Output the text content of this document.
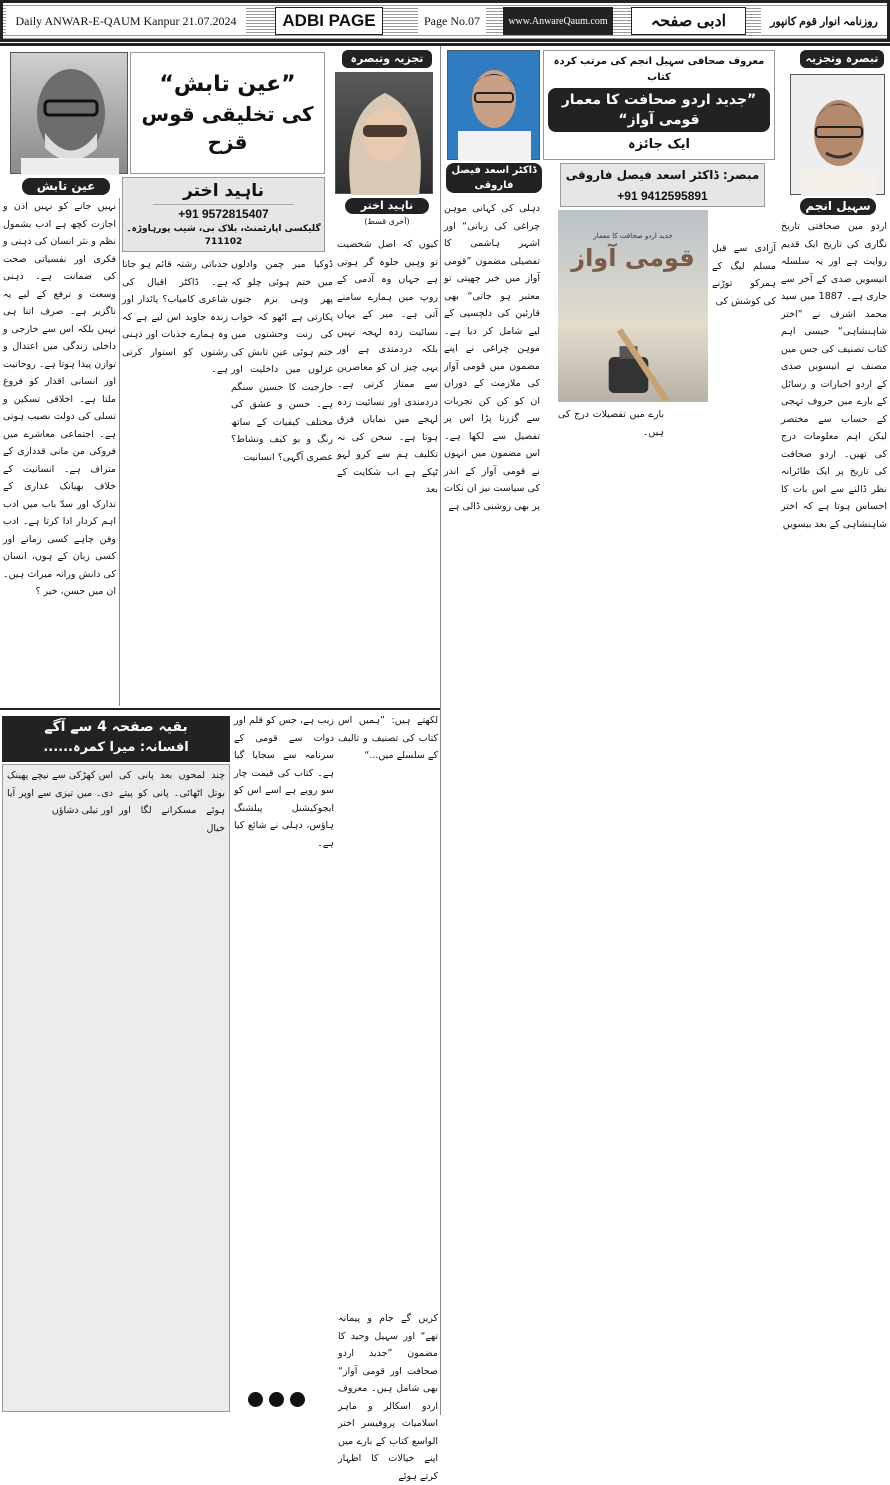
Daily ANWAR-E-QAUM Kanpur 21.07.2024	ADBI PAGE	Page No.07	www.AnwareQaum.com	ادبی صفحہ	روزنامہ انوار قوم کانپور
”عین تابش“
کی تخلیقی قوس قزح
تجزیہ وتبصرہ
عین تابش	ناہید اختر
+91 9572815407
گلیکسی اپارٹمنٹ، بلاک بی، شیب پورہاوڑہ۔ 711102
ناہید اختر
(آخری قسط)
نہیں جانے کو نہیں اذن و اجازت کچھ ہے ادب بشمول نظم و نثر انسان کی ذہنی و فکری اور نفسیاتی صحت کی ضمانت ہے۔ ذہنی وسعت و ترفع کے لیے یہ ناگزیر ہے۔ صرف اتنا ہی نہیں بلکہ اس سے خارجی و داخلی زندگی میں اعتدال و توازن پیدا ہوتا ہے۔ روحانیت اور انسانی اقدار کو فروغ ملتا ہے۔ اخلاقی تسکین و تسلی کی دولت نصیب ہوتی ہے۔ اجتماعی معاشرے میں فروکی من مانی قدداری کے متراف ہے۔ انسانیت کے خلاف بھیانک غداری کے تدارک اور سدّ باب میں ادب اہم کردار ادا کرتا ہے۔ ادب وفن چاہے کسی زمانے اور کسی زبان کے ہوں، انسان کی دانش ورانہ میراث ہیں۔ ان میں حسن، خیر ؟
جذباتی رشتہ قائم ہو جاتا ہے۔ ڈاکٹر اقبال کی شاعری کامیاب؟ پائدار اور زندہ جاوید اس لیے ہے کہ وہ ہمارے جذبات اور ذہنی رشتوں کو استوار کرتی ہے۔
ڈوکیا میر چمن وادلوں میں ختم ہوئی چلو کہ پھر وہی بزم جنوں پکارتی ہے اٹھو کہ خواب کی زنت وحشتوں میں ختم ہوئی عین تابش کی غزلوں میں داخلیت اور خارجیت کا حسین سنگم ہے۔ حسن و عشق کی مختلف کیفیات کے ساتھ رنگ و بو کیف ونشاط؟ عصری آگہی؟ انسانیت
کیوں کہ اصل شخصیت تو وہیں جلوہ گر ہوتی ہے جہاں وہ آدمی کے روپ میں ہمارے سامنے آتی ہے۔ میر کے یہاں نسائیت زدہ لہجہ نہیں بلکہ دردمندی ہے اور یہی چیز ان کو معاصرین سے ممتاز کرتی ہے۔ دردمندی اور نسائیت زدہ لہجے میں نمایاں فرق ہوتا ہے۔ سخن کی نہ تکلیف ہم سے کرو لہو ٹپکے ہے اب شکایت کے بعد
بقیہ صفحہ 4 سے آگے
افسانہ: میرا کمرہ......
اس کھڑکی سے نیچے پھینک دی۔ میں تیزی سے اوپر آیا اور تیلی دشاؤں
چند لمحوں بعد پانی کی بوتل اٹھائی۔ پانی کو پیتے ہوئے مسکرانے لگا اور خیال
زیب ہے، جس کو قلم اور دوات سے قومی کے سرنامہ سے سجایا گیا ہے۔ کتاب کی قیمت چار سو روپے ہے اسے اس کو ایجوکیشنل پبلشنگ ہاؤس، دہلی نے شائع کیا ہے۔
لکھتے ہیں: ”ہمیں اس کتاب کی تصنیف و تالیف کے سلسلے میں...“
کریں گے جام و پیمانہ تھے“ اور سہیل وحید کا مضمون ”جدید اردو صحافت اور قومی آواز“ بھی شامل ہیں۔ معروف اردو اسکالر و ماہر اسلامیات پروفیسر اختر الواسع کتاب کے بارے میں اپنے خیالات کا اظہار کرتے ہوئے
ڈاکٹر اسعد فیصل فاروقی
معروف صحافی سہیل انجم کی مرتب کردہ کتاب
”جدید اردو صحافت کا معمار قومی آواز“
ایک جائزہ
مبصر: ڈاکٹر اسعد فیصل فاروقی
+91 9412595891
جدید اردو صحافت کا معمار
قومی آواز
تبصرہ وتجزیہ
سہیل انجم
دہلی کی کہانی موہن چراغی کی زبانی“ اور اشہر ہاشمی کا تفصیلی مضمون ”قومی آواز میں خبر چھپتی تو معتبر ہو جاتی“ بھی قارئین کی دلچسپی کے لیے شامل کر دیا ہے۔ موہن چراغی نے اپنے مضمون میں قومی آواز کی ملازمت کے دوران ان کو کن کن تجربات سے گزرنا پڑا اس پر تفصیل سے لکھا ہے۔ اس مضمون میں انہوں نے قومی آواز کے اندر کی سیاست نیز ان نکات پر بھی روشنی ڈالی ہے
بارے میں تفصیلات درج کی ہیں۔
آزادی سے قبل مسلم لیگ کے ہمرکو توڑنے کی کوشش کی
اردو میں صحافتی تاریخ نگاری کی تاریخ ایک قدیم روایت ہے اور یہ سلسلہ انیسویں صدی کے آخر سے جاری ہے۔ 1887 میں سید محمد اشرف نے ”اختر شاہنشاہی“ جیسی اہم کتاب تصنیف کی جس میں مصنف نے انیسویں صدی کے اردو اخبارات و رسائل کے بارے میں حروف تہجی کے حساب سے مختصر لیکن اہم معلومات درج کی تھیں۔ اردو صحافت کی تاریخ پر ایک طائرانہ نظر ڈالنے سے اس بات کا احساس ہوتا ہے کہ اختر شاہنشاہی کے بعد بیسویں
